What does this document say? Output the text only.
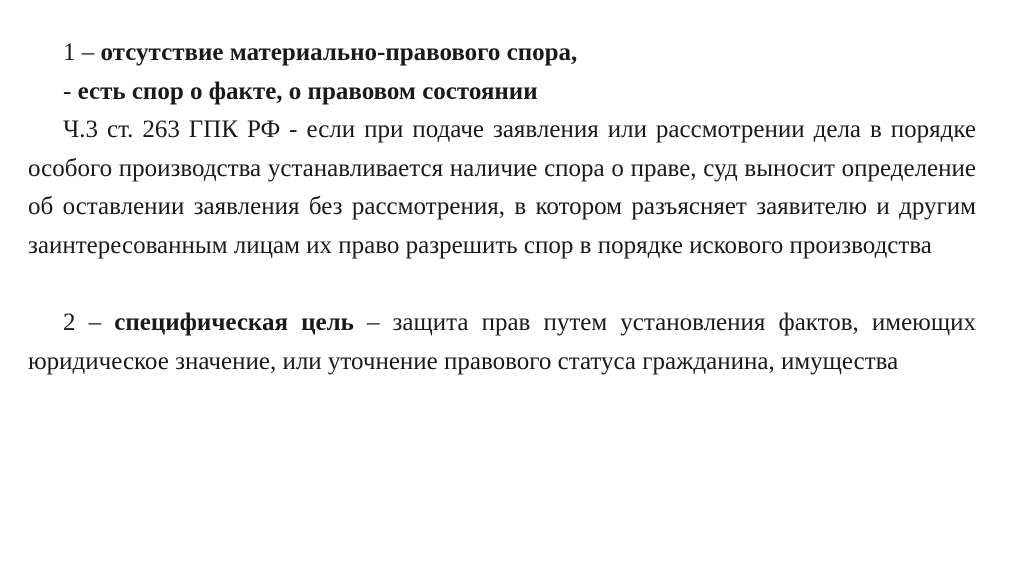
1 – отсутствие материально-правового спора,

- есть спор о факте, о правовом состоянии

Ч.3 ст. 263 ГПК РФ - если при подаче заявления или рассмотрении дела в порядке особого производства устанавливается наличие спора о праве, суд выносит определение об оставлении заявления без рассмотрения, в котором разъясняет заявителю и другим заинтересованным лицам их право разрешить спор в порядке искового производства

2 – специфическая цель – защита прав путем установления фактов, имеющих юридическое значение, или уточнение правового статуса гражданина, имущества
